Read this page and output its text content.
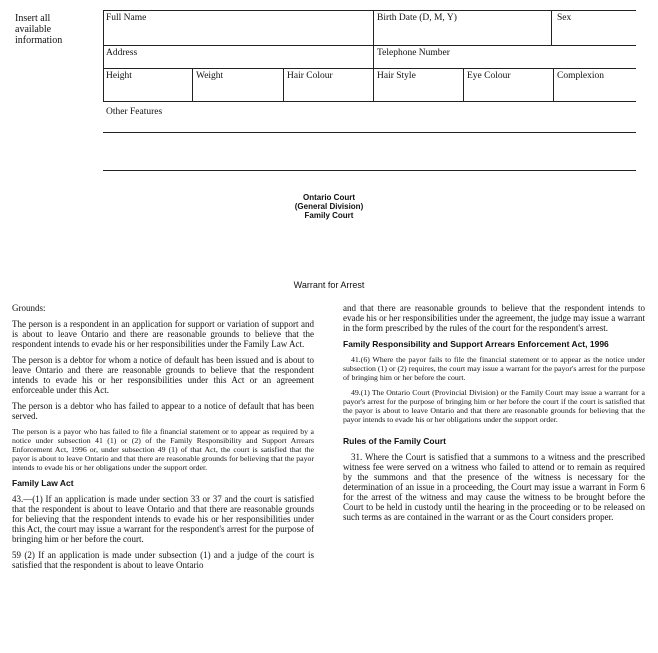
Insert all available information
Full Name	Birth Date (D, M, Y)	Sex
Address	Telephone Number
Height	Weight	Hair Colour	Hair Style	Eye Colour	Complexion
Other Features
Ontario Court
(General Division)
Family Court
Warrant for Arrest

Grounds:

The person is a respondent in an application for support or variation of support and is about to leave Ontario and there are reasonable grounds to believe that the respondent intends to evade his or her responsibilities under the Family Law Act.

The person is a debtor for whom a notice of default has been issued and is about to leave Ontario and there are reasonable grounds to believe that the respondent intends to evade his or her responsibilities under this Act or an agreement enforceable under this Act.

The person is a debtor who has failed to appear to a notice of default that has been served.

The person is a payor who has failed to file a financial statement or to appear as required by a notice under subsection 41 (1) or (2) of the Family Responsibility and Support Arrears Enforcement Act, 1996 or, under subsection 49 (1) of that Act, the court is satisfied that the payor is about to leave Ontario and that there are reasonable grounds for believing that the payor intends to evade his or her obligations under the support order.

Family Law Act

43.—(1) If an application is made under section 33 or 37 and the court is satisfied that the respondent is about to leave Ontario and that there are reasonable grounds for believing that the respondent intends to evade his or her responsibilities under this Act, the court may issue a warrant for the respondent's arrest for the purpose of bringing him or her before the court.

59 (2) If an application is made under subsection (1) and a judge of the court is satisfied that the respondent is about to leave Ontario

and that there are reasonable grounds to believe that the respondent intends to evade his or her responsibilities under the agreement, the judge may issue a warrant in the form prescribed by the rules of the court for the respondent's arrest.

Family Responsibility and Support Arrears Enforcement Act, 1996

41.(6) Where the payor fails to file the financial statement or to appear as the notice under subsection (1) or (2) requires, the court may issue a warrant for the payor's arrest for the purpose of bringing him or her before the court.

49.(1) The Ontario Court (Provincial Division) or the Family Court may issue a warrant for a payor's arrest for the purpose of bringing him or her before the court if the court is satisfied that the payor is about to leave Ontario and that there are reasonable grounds for believing that the payor intends to evade his or her obligations under the support order.

Rules of the Family Court

31. Where the Court is satisfied that a summons to a witness and the prescribed witness fee were served on a witness who failed to attend or to remain as required by the summons and that the presence of the witness is necessary for the determination of an issue in a proceeding, the Court may issue a warrant in Form 6 for the arrest of the witness and may cause the witness to be brought before the Court to be held in custody until the hearing in the proceeding or to be released on such terms as are contained in the warrant or as the Court considers proper.
